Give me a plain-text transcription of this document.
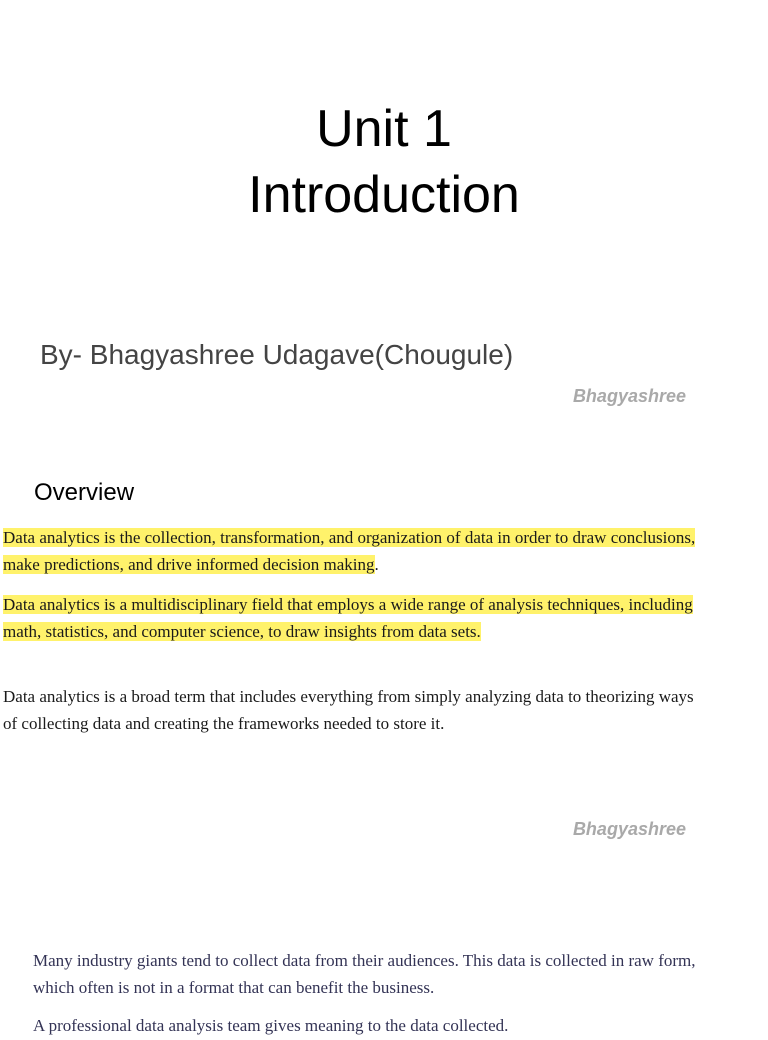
Unit 1
Introduction
By- Bhagyashree Udagave(Chougule)
Bhagyashree
Overview

Data analytics is the collection, transformation, and organization of data in order to draw conclusions, make predictions, and drive informed decision making.

Data analytics is a multidisciplinary field that employs a wide range of analysis techniques, including math, statistics, and computer science, to draw insights from data sets.

Data analytics is a broad term that includes everything from simply analyzing data to theorizing ways of collecting data and creating the frameworks needed to store it.

Bhagyashree

Many industry giants tend to collect data from their audiences. This data is collected in raw form, which often is not in a format that can benefit the business.

A professional data analysis team gives meaning to the data collected.
